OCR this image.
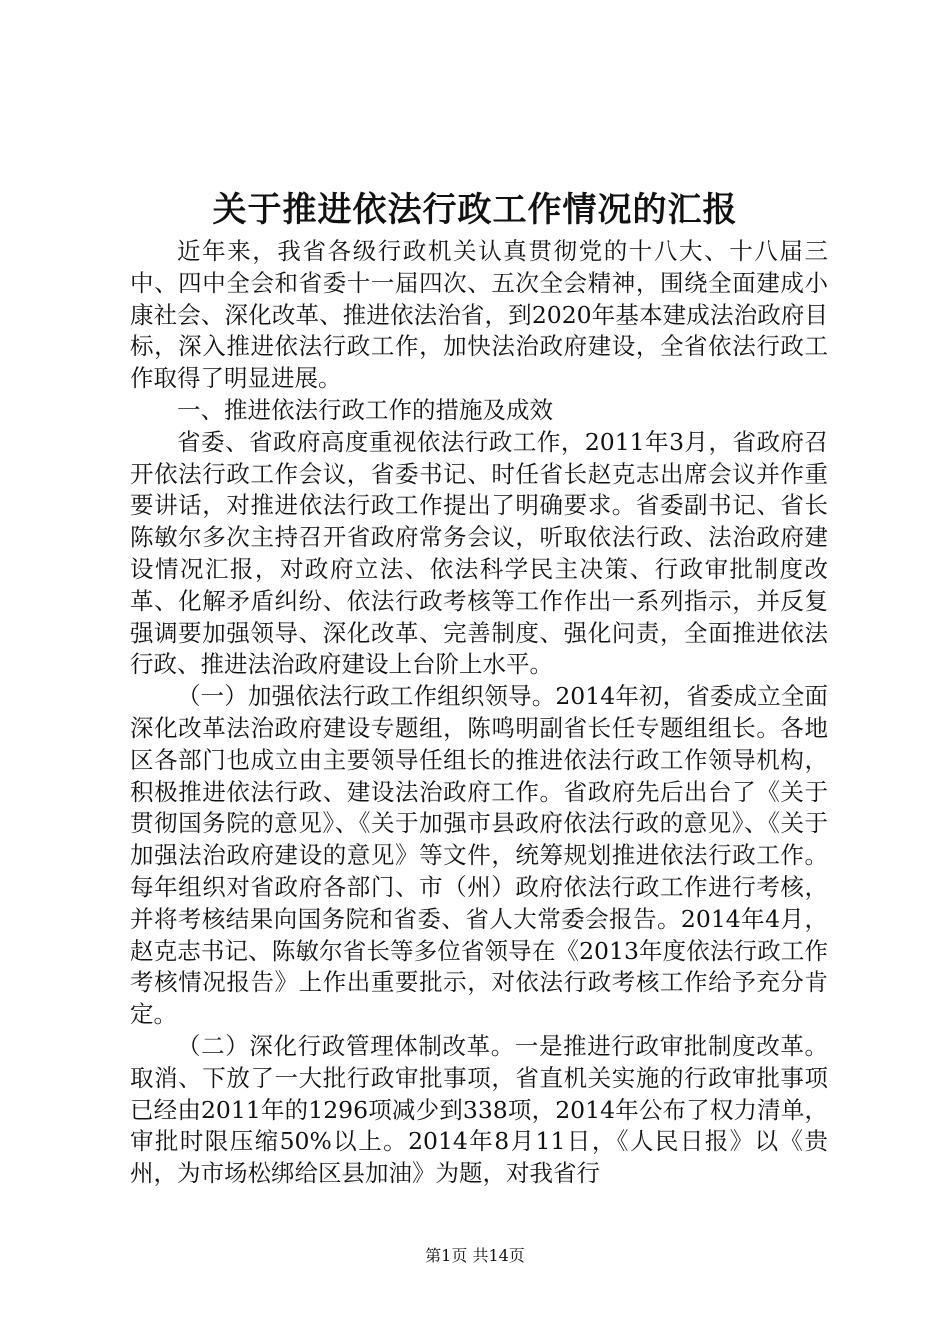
关于推进依法行政工作情况的汇报

近年来，我省各级行政机关认真贯彻党的十八大、十八届三中、四中全会和省委十一届四次、五次全会精神，围绕全面建成小康社会、深化改革、推进依法治省，到2020年基本建成法治政府目标，深入推进依法行政工作，加快法治政府建设，全省依法行政工作取得了明显进展。

一、推进依法行政工作的措施及成效

省委、省政府高度重视依法行政工作，2011年3月，省政府召开依法行政工作会议，省委书记、时任省长赵克志出席会议并作重要讲话，对推进依法行政工作提出了明确要求。省委副书记、省长陈敏尔多次主持召开省政府常务会议，听取依法行政、法治政府建设情况汇报，对政府立法、依法科学民主决策、行政审批制度改革、化解矛盾纠纷、依法行政考核等工作作出一系列指示，并反复强调要加强领导、深化改革、完善制度、强化问责，全面推进依法行政、推进法治政府建设上台阶上水平。

（一）加强依法行政工作组织领导。2014年初，省委成立全面深化改革法治政府建设专题组，陈鸣明副省长任专题组组长。各地区各部门也成立由主要领导任组长的推进依法行政工作领导机构，积极推进依法行政、建设法治政府工作。省政府先后出台了《关于贯彻国务院的意见》、《关于加强市县政府依法行政的意见》、《关于加强法治政府建设的意见》等文件，统筹规划推进依法行政工作。每年组织对省政府各部门、市（州）政府依法行政工作进行考核，并将考核结果向国务院和省委、省人大常委会报告。2014年4月，赵克志书记、陈敏尔省长等多位省领导在《2013年度依法行政工作考核情况报告》上作出重要批示，对依法行政考核工作给予充分肯定。

（二）深化行政管理体制改革。一是推进行政审批制度改革。取消、下放了一大批行政审批事项，省直机关实施的行政审批事项已经由2011年的1296项减少到338项，2014年公布了权力清单，审批时限压缩50%以上。2014年8月11日，《人民日报》以《贵州，为市场松绑给区县加油》为题，对我省行

第1页 共14页
